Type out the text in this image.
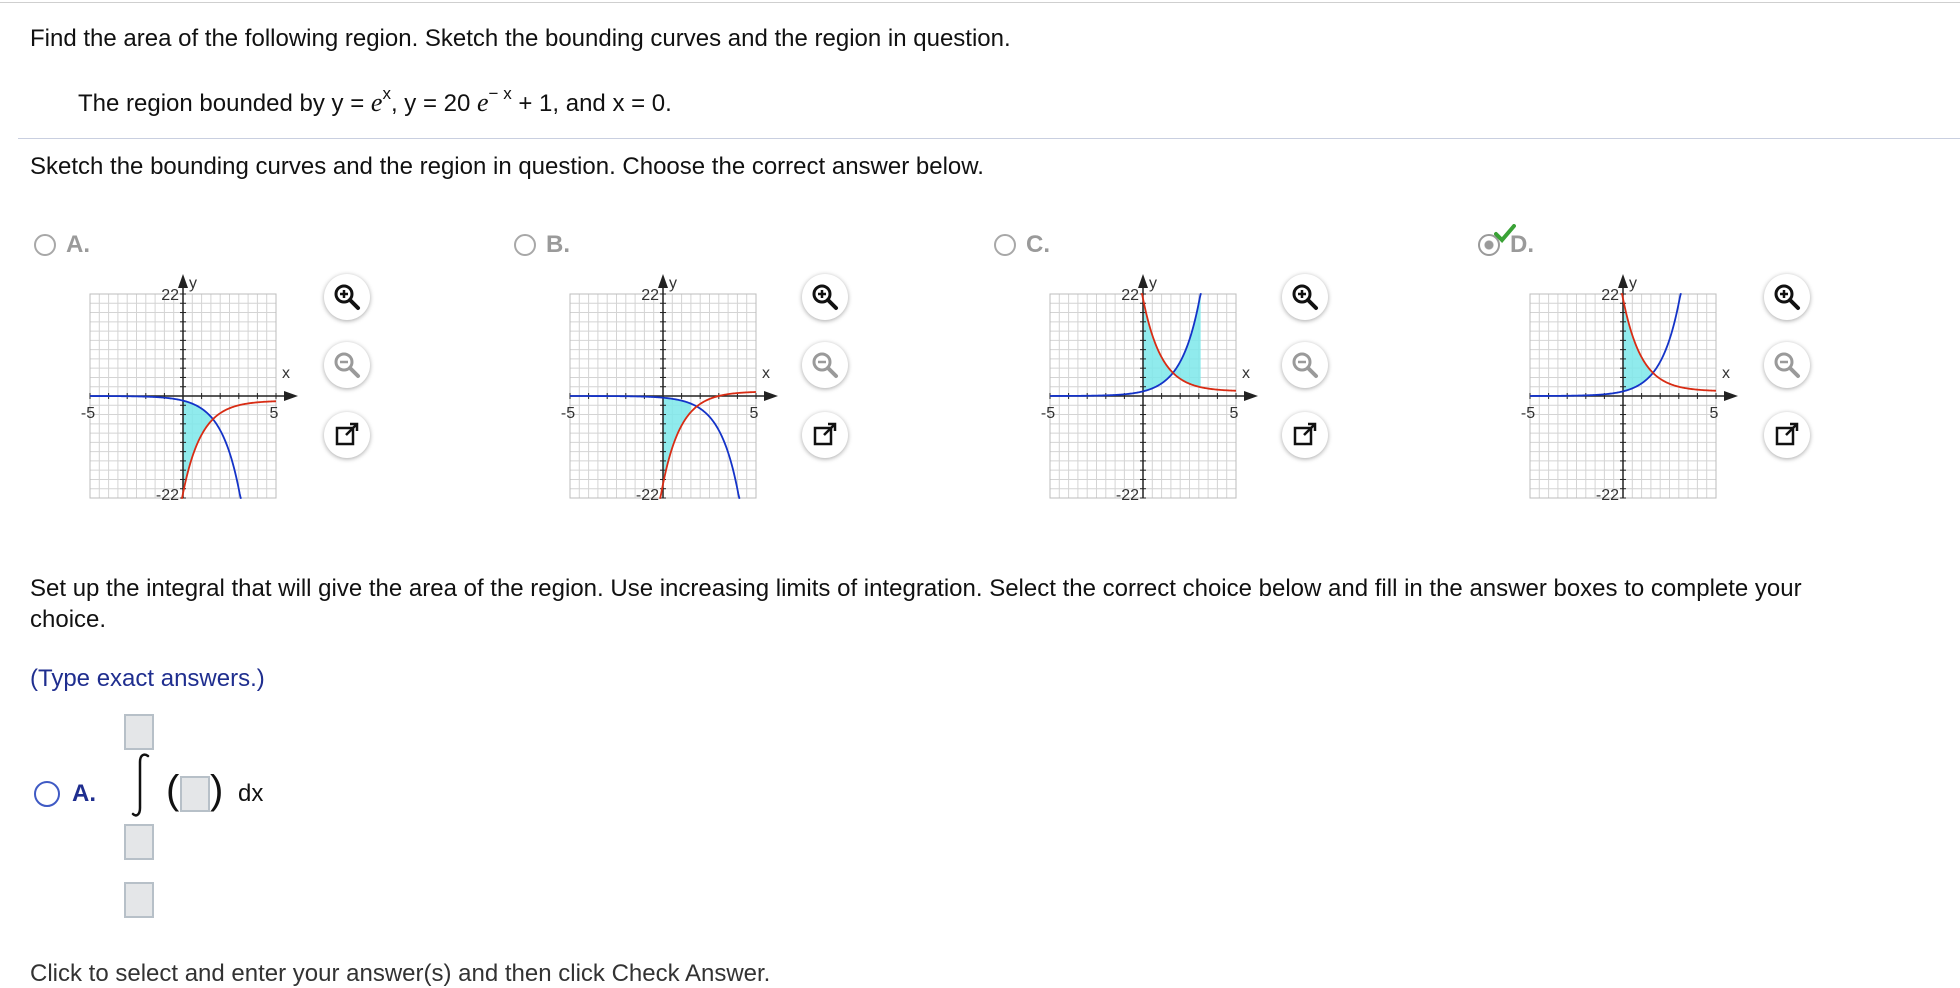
Find the area of the following region. Sketch the bounding curves and the region in question.
The region bounded by $y = e^x$, y = 20 $e^{- x} + 1$, and x = 0.
Sketch the bounding curves and the region in question. Choose the correct answer below.
A.	B.	C.	D.
y
x
22
-22
-5	5
y
x
22
-22
-5	5
y
x
22
-22
-5	5
y
x
22
-22
-5	5
Set up the integral that will give the area of the region. Use increasing limits of integration. Select the correct choice below and fill in the answer boxes to complete your
choice.
(Type exact answers.)
A. ( ) dx
Click to select and enter your answer(s) and then click Check Answer.
